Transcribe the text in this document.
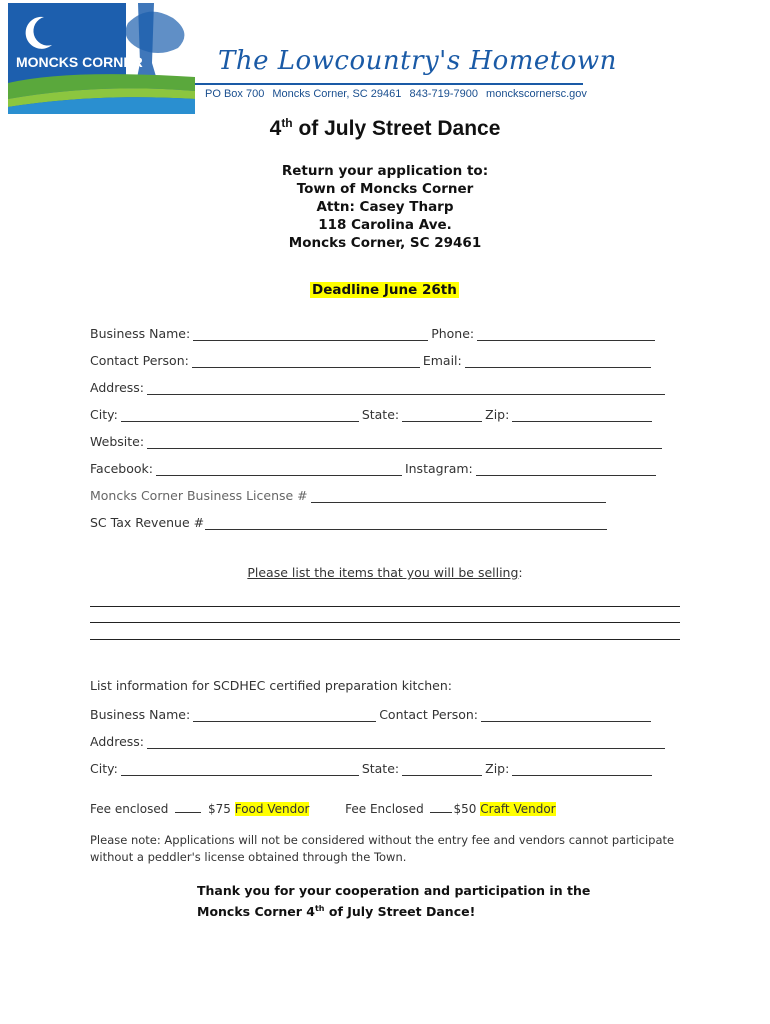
MONCKS CORNER	The Lowcountry's Hometown
PO Box 700 Moncks Corner, SC 29461 843-719-7900 monckscornersc.gov
4th of July Street Dance
Return your application to:
Town of Moncks Corner
Attn: Casey Tharp
118 Carolina Ave.
Moncks Corner, SC 29461
Deadline June 26th
Business Name:	Phone:
Contact Person:	Email:
Address:
City:	State:	Zip:
Website:
Facebook:	Instagram:
Moncks Corner Business License #
SC Tax Revenue #
Please list the items that you will be selling:
List information for SCDHEC certified preparation kitchen:
Business Name:	Contact Person:
Address:
City:	State:	Zip:
Fee enclosed	$75 Food Vendor	Fee Enclosed $50 Craft Vendor
Please note: Applications will not be considered without the entry fee and vendors cannot participate without a peddler's license obtained through the Town.
Thank you for your cooperation and participation in the
Moncks Corner 4th of July Street Dance!
